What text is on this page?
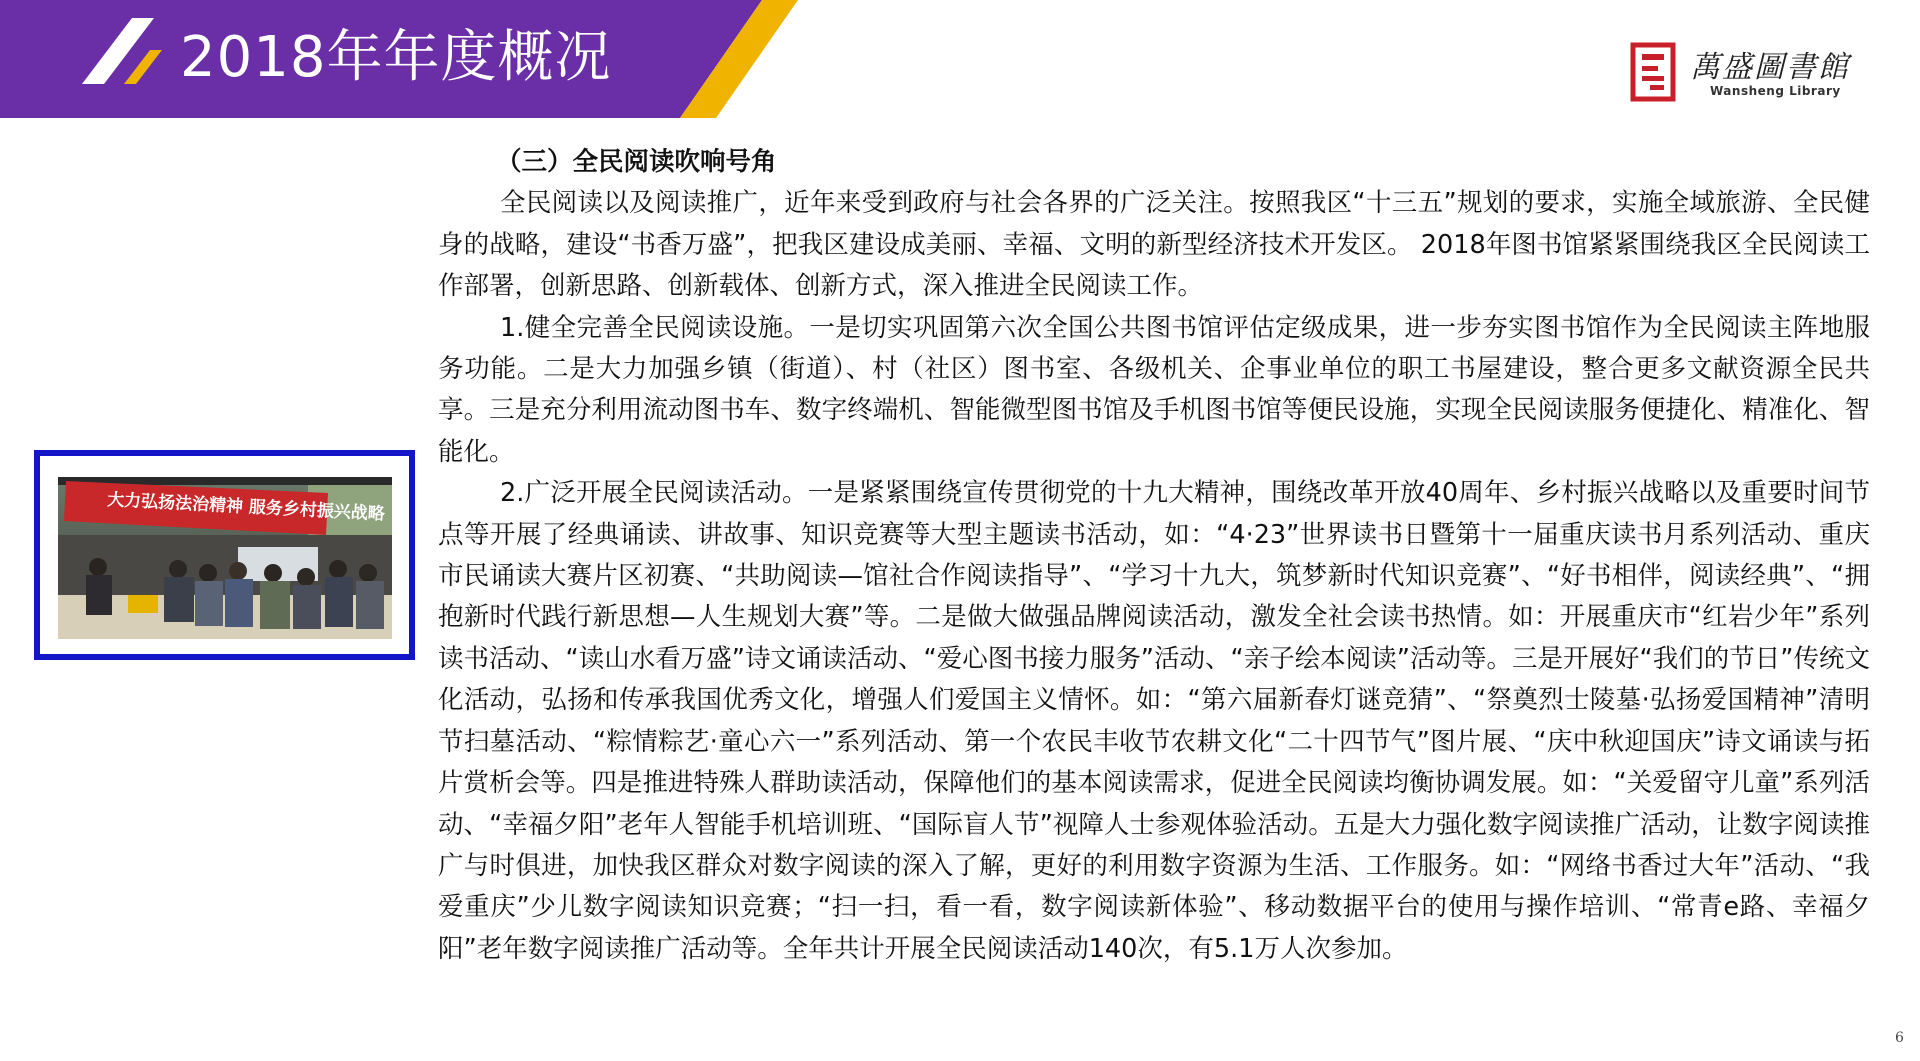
2018年年度概况	萬盛圖書館
Wansheng Library
大力弘扬法治精神 服务乡村振兴战略
（三）全民阅读吹响号角

全民阅读以及阅读推广，近年来受到政府与社会各界的广泛关注。按照我区“十三五”规划的要求，实施全域旅游、全民健身的战略，建设“书香万盛”，把我区建设成美丽、幸福、文明的新型经济技术开发区。 2018年图书馆紧紧围绕我区全民阅读工作部署，创新思路、创新载体、创新方式，深入推进全民阅读工作。

1.健全完善全民阅读设施。一是切实巩固第六次全国公共图书馆评估定级成果，进一步夯实图书馆作为全民阅读主阵地服务功能。二是大力加强乡镇（街道）、村（社区）图书室、各级机关、企事业单位的职工书屋建设，整合更多文献资源全民共享。三是充分利用流动图书车、数字终端机、智能微型图书馆及手机图书馆等便民设施，实现全民阅读服务便捷化、精准化、智能化。

2.广泛开展全民阅读活动。一是紧紧围绕宣传贯彻党的十九大精神，围绕改革开放40周年、乡村振兴战略以及重要时间节点等开展了经典诵读、讲故事、知识竞赛等大型主题读书活动，如：“4·23”世界读书日暨第十一届重庆读书月系列活动、重庆市民诵读大赛片区初赛、“共助阅读—馆社合作阅读指导”、“学习十九大，筑梦新时代知识竞赛”、“好书相伴，阅读经典”、“拥抱新时代践行新思想—人生规划大赛”等。二是做大做强品牌阅读活动，激发全社会读书热情。如：开展重庆市“红岩少年”系列读书活动、“读山水看万盛”诗文诵读活动、“爱心图书接力服务”活动、“亲子绘本阅读”活动等。三是开展好“我们的节日”传统文化活动，弘扬和传承我国优秀文化，增强人们爱国主义情怀。如：“第六届新春灯谜竞猜”、“祭奠烈士陵墓·弘扬爱国精神”清明节扫墓活动、“粽情粽艺·童心六一”系列活动、第一个农民丰收节农耕文化“二十四节气”图片展、“庆中秋迎国庆”诗文诵读与拓片赏析会等。四是推进特殊人群助读活动，保障他们的基本阅读需求，促进全民阅读均衡协调发展。如：“关爱留守儿童”系列活动、“幸福夕阳”老年人智能手机培训班、“国际盲人节”视障人士参观体验活动。五是大力强化数字阅读推广活动，让数字阅读推广与时俱进，加快我区群众对数字阅读的深入了解，更好的利用数字资源为生活、工作服务。如：“网络书香过大年”活动、“我爱重庆”少儿数字阅读知识竞赛；“扫一扫，看一看，数字阅读新体验”、移动数据平台的使用与操作培训、“常青e路、幸福夕阳”老年数字阅读推广活动等。全年共计开展全民阅读活动140次，有5.1万人次参加。

6
